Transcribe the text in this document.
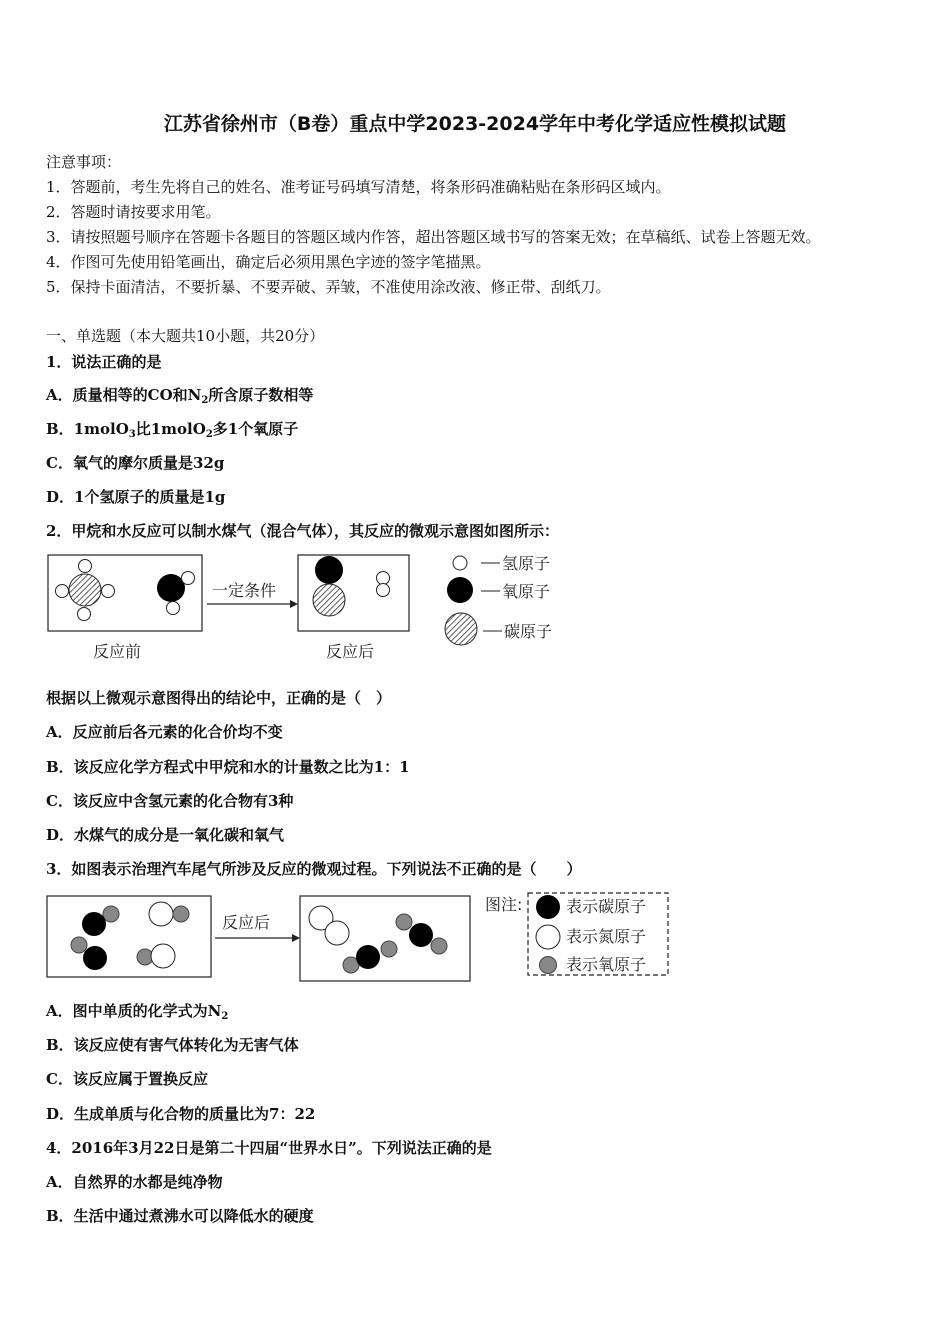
江苏省徐州市（B卷）重点中学2023-2024学年中考化学适应性模拟试题
注意事项：
1．答题前，考生先将自己的姓名、准考证号码填写清楚，将条形码准确粘贴在条形码区域内。
2．答题时请按要求用笔。
3．请按照题号顺序在答题卡各题目的答题区域内作答，超出答题区域书写的答案无效；在草稿纸、试卷上答题无效。
4．作图可先使用铅笔画出，确定后必须用黑色字迹的签字笔描黑。
5．保持卡面清洁，不要折暴、不要弄破、弄皱，不准使用涂改液、修正带、刮纸刀。
一、单选题（本大题共10小题，共20分）
1．说法正确的是
A．质量相等的CO和$N_2$所含原子数相等
B．1molO$_3$比1molO$_2$多1个氧原子
C．氧气的摩尔质量是32g
D．1个氢原子的质量是1g
2．甲烷和水反应可以制水煤气（混合气体），其反应的微观示意图如图所示：
一定条件
反应前	反应后
氢原子
氧原子
碳原子
反应后
图注:	表示碳原子
表示氮原子
表示氧原子
根据以上微观示意图得出的结论中，正确的是（　）
A．反应前后各元素的化合价均不变
B．该反应化学方程式中甲烷和水的计量数之比为1：1
C．该反应中含氢元素的化合物有3种
D．水煤气的成分是一氧化碳和氧气
3．如图表示治理汽车尾气所涉及反应的微观过程。下列说法不正确的是（　　）
A．图中单质的化学式为$N_2$
B．该反应使有害气体转化为无害气体
C．该反应属于置换反应
D．生成单质与化合物的质量比为7：22
4．2016年3月22日是第二十四届“世界水日”。下列说法正确的是
A．自然界的水都是纯净物
B．生活中通过煮沸水可以降低水的硬度
